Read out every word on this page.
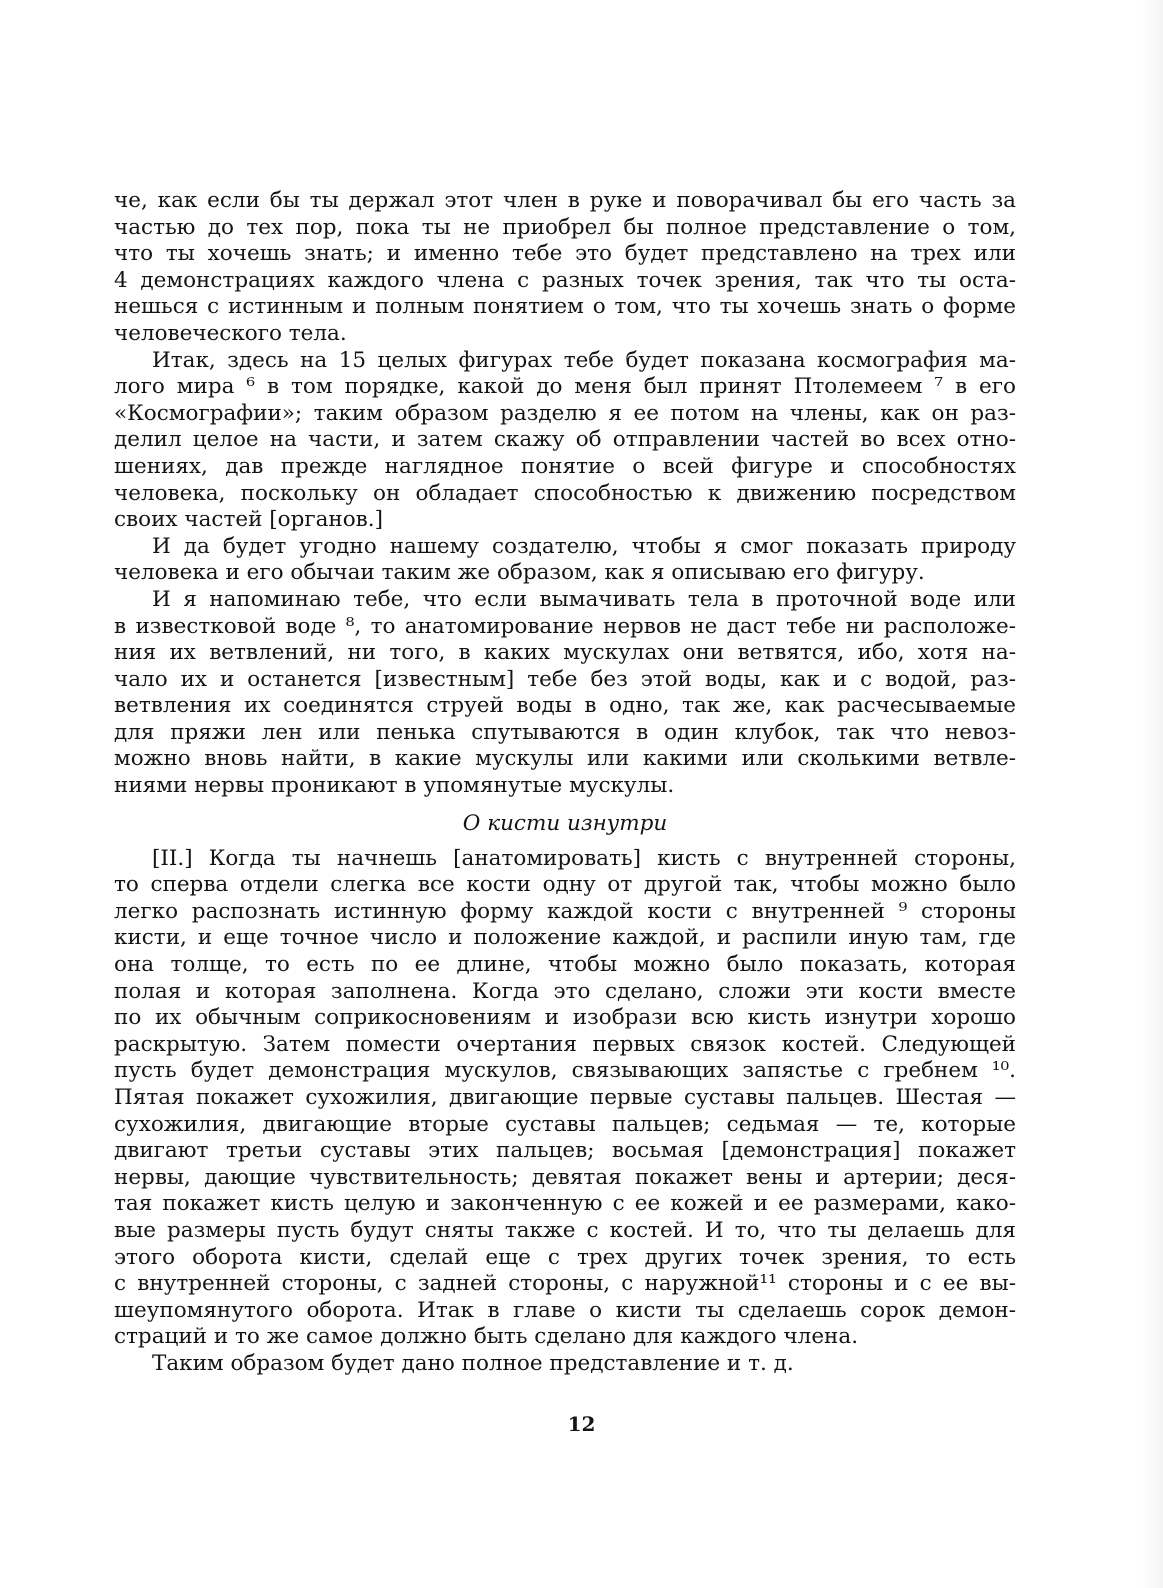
че, как если бы ты держал этот член в руке и поворачивал бы его часть за
частью до тех пор, пока ты не приобрел бы полное представление о том,
что ты хочешь знать; и именно тебе это будет представлено на трех или
4 демонстрациях каждого члена с разных точек зрения, так что ты оста-
нешься с истинным и полным понятием о том, что ты хочешь знать о форме
человеческого тела.
Итак, здесь на 15 целых фигурах тебе будет показана космография ма-
лого мира ⁶ в том порядке, какой до меня был принят Птолемеем ⁷ в его
«Космографии»; таким образом разделю я ее потом на члены, как он раз-
делил целое на части, и затем скажу об отправлении частей во всех отно-
шениях, дав прежде наглядное понятие о всей фигуре и способностях
человека, поскольку он обладает способностью к движению посредством
своих частей [органов.]
И да будет угодно нашему создателю, чтобы я смог показать природу
человека и его обычаи таким же образом, как я описываю его фигуру.
И я напоминаю тебе, что если вымачивать тела в проточной воде или
в известковой воде ⁸, то анатомирование нервов не даст тебе ни расположе-
ния их ветвлений, ни того, в каких мускулах они ветвятся, ибо, хотя на-
чало их и останется [известным] тебе без этой воды, как и с водой, раз-
ветвления их соединятся струей воды в одно, так же, как расчесываемые
для пряжи лен или пенька спутываются в один клубок, так что невоз-
можно вновь найти, в какие мускулы или какими или сколькими ветвле-
ниями нервы проникают в упомянутые мускулы.
О кисти изнутри
[II.] Когда ты начнешь [анатомировать] кисть с внутренней стороны,
то сперва отдели слегка все кости одну от другой так, чтобы можно было
легко распознать истинную форму каждой кости с внутренней ⁹ стороны
кисти, и еще точное число и положение каждой, и распили иную там, где
она толще, то есть по ее длине, чтобы можно было показать, которая
полая и которая заполнена. Когда это сделано, сложи эти кости вместе
по их обычным соприкосновениям и изобрази всю кисть изнутри хорошо
раскрытую. Затем помести очертания первых связок костей. Следующей
пусть будет демонстрация мускулов, связывающих запястье с гребнем ¹⁰.
Пятая покажет сухожилия, двигающие первые суставы пальцев. Шестая —
сухожилия, двигающие вторые суставы пальцев; седьмая — те, которые
двигают третьи суставы этих пальцев; восьмая [демонстрация] покажет
нервы, дающие чувствительность; девятая покажет вены и артерии; деся-
тая покажет кисть целую и законченную с ее кожей и ее размерами, како-
вые размеры пусть будут сняты также с костей. И то, что ты делаешь для
этого оборота кисти, сделай еще с трех других точек зрения, то есть
с внутренней стороны, с задней стороны, с наружной¹¹ стороны и с ее вы-
шеупомянутого оборота. Итак в главе о кисти ты сделаешь сорок демон-
страций и то же самое должно быть сделано для каждого члена.
Таким образом будет дано полное представление и т. д.
12
